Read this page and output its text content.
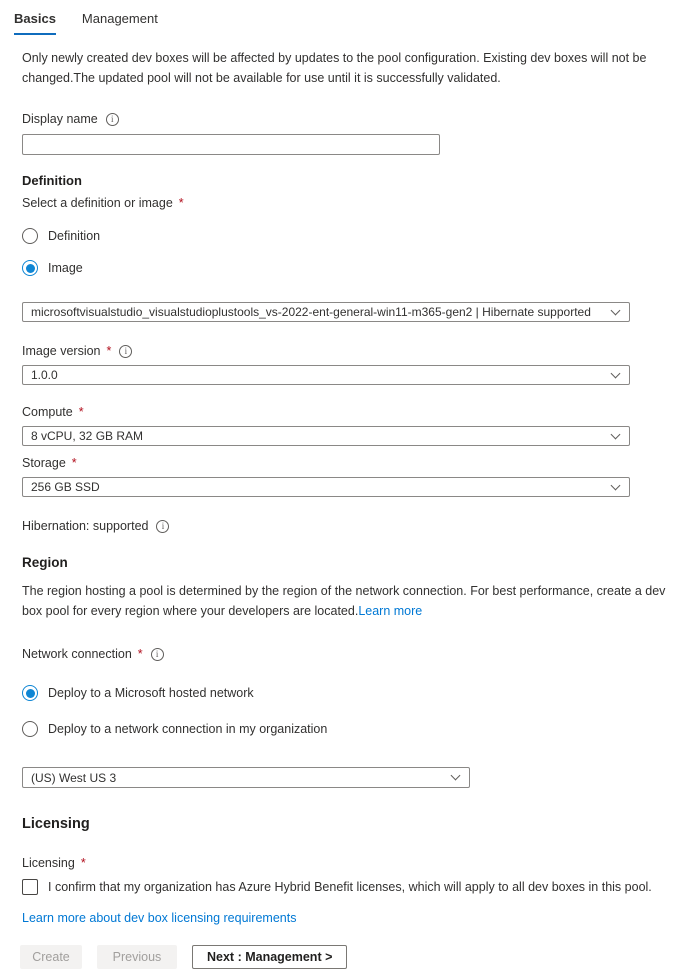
Basics Management
Only newly created dev boxes will be affected by updates to the pool configuration. Existing dev boxes will not be changed.The updated pool will not be available for use until it is successfully validated.
Display name	i
Definition
Select a definition or image *
Definition
Image
microsoftvisualstudio_visualstudioplustools_vs-2022-ent-general-win11-m365-gen2 | Hibernate supported
Image version *	i
1.0.0
Compute *
8 vCPU, 32 GB RAM
Storage *
256 GB SSD
Hibernation: supported	i
Region
The region hosting a pool is determined by the region of the network connection. For best performance, create a dev box pool for every region where your developers are located.Learn more
Network connection *	i
Deploy to a Microsoft hosted network
Deploy to a network connection in my organization
(US) West US 3
Licensing
Licensing *
I confirm that my organization has Azure Hybrid Benefit licenses, which will apply to all dev boxes in this pool.
Learn more about dev box licensing requirements
Create	Previous	Next : Management >
